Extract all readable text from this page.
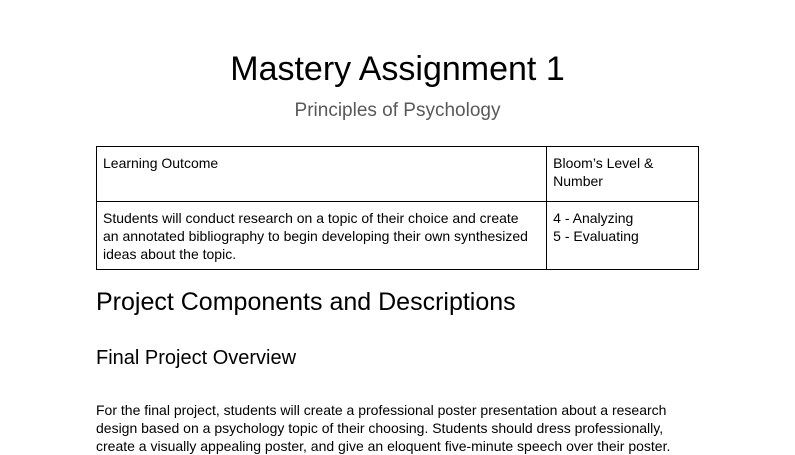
Mastery Assignment 1
Principles of Psychology
Learning Outcome	Bloom’s Level &
Number

Students will conduct research on a topic of their choice and create
an annotated bibliography to begin developing their own synthesized
ideas about the topic.	4 - Analyzing
5 - Evaluating
Project Components and Descriptions
Final Project Overview
For the final project, students will create a professional poster presentation about a research
design based on a psychology topic of their choosing. Students should dress professionally,
create a visually appealing poster, and give an eloquent five-minute speech over their poster.
